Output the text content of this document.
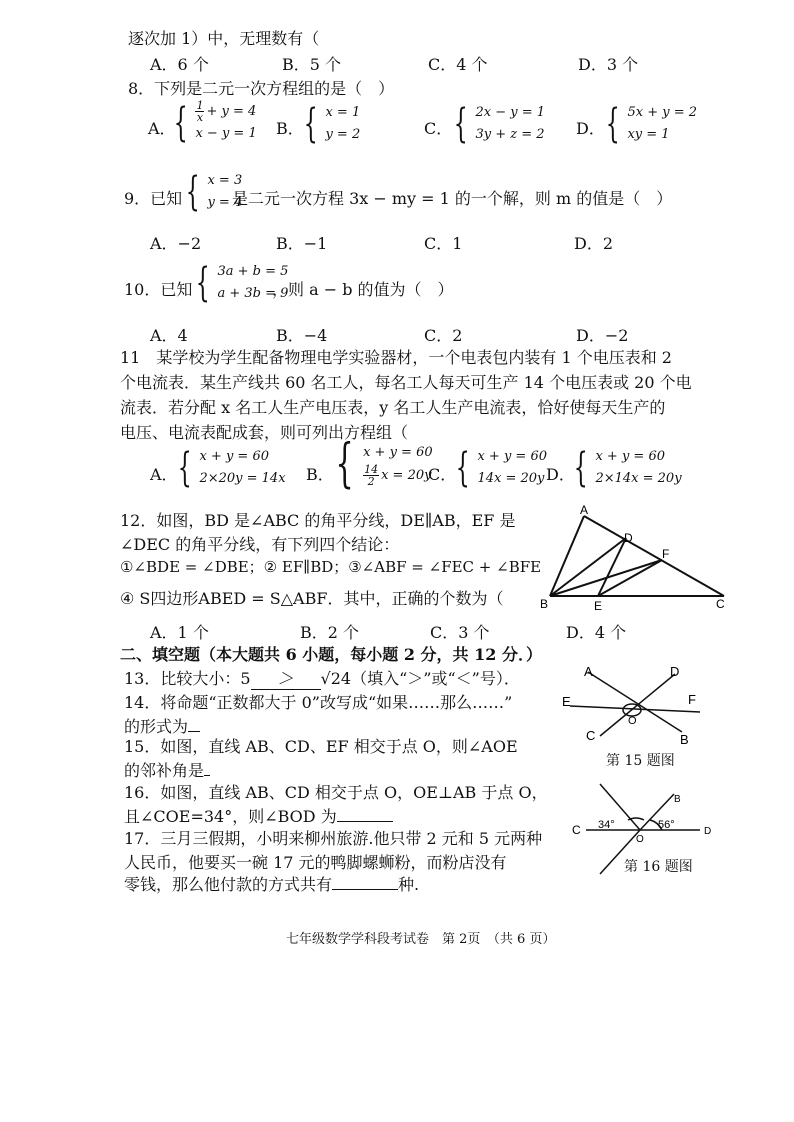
逐次加 1）中，无理数有（
A．6 个	B．5 个	C．4 个	D．3 个
8．下列是二元一次方程组的是（　）
A．
{ $\frac{1}{x} + y = 4$
x − y = 1 B． { x = 1
y = 2	C． { 2x − y = 1
3y + z = 2 D． { 5x + y = 2
xy = 1
9．已知 { x = 3
y = 4
是二元一次方程 3x − my = 1 的一个解，则 m 的值是（　）
A．−2	B．−1	C．1	D．2
10．已知 { 3a + b = 5
a + 3b = 9
，则 a − b 的值为（　）
A．4	B．−4	C．2	D．−2
11　某学校为学生配备物理电学实验器材，一个电表包内装有 1 个电压表和 2
个电流表．某生产线共 60 名工人，每名工人每天可生产 14 个电压表或 20 个电
流表．若分配 x 名工人生产电压表，y 名工人生产电流表，恰好使每天生产的
电压、电流表配成套，则可列出方程组（
A． { x + y = 60
2×20y = 14x B． { x + y = 60
$\frac{14}{2}$ x = 20y
C． { x + y = 60
14x = 20y D．
{ x + y = 60
2×14x = 20y
12．如图，BD 是∠ABC 的角平分线，DE∥AB，EF 是
∠DEC 的角平分线，有下列四个结论：
①∠BDE = ∠DBE；② EF∥BD；③∠ABF = ∠FEC + ∠BFE
④ S四边形ABED = S△ABF．其中，正确的个数为（
A．1 个	B．2 个	C．3 个	D．4 个
A
D
F
B	E	C
二、填空题（本大题共 6 小题，每小题 2 分，共 12 分．）
13．比较大小：5 ＞ √24（填入“＞”或“＜”号）．
14．将命题“正数都大于 0”改写成“如果……那么……”
的形式为
15．如图，直线 AB、CD、EF 相交于点 O，则∠AOE
的邻补角是
A	D
E	F
O
C	B
第 15 题图
16．如图，直线 AB、CD 相交于点 O，OE⊥AB 于点 O，
且∠COE=34°，则∠BOD 为
B
C	D
O
34°	56°
第 16 题图
17．三月三假期，小明来柳州旅游.他只带 2 元和 5 元两种
人民币，他要买一碗 17 元的鸭脚螺蛳粉，而粉店没有
零钱，那么他付款的方式共有	种.
七年级数学学科段考试卷　第 2页　（共 6 页）
